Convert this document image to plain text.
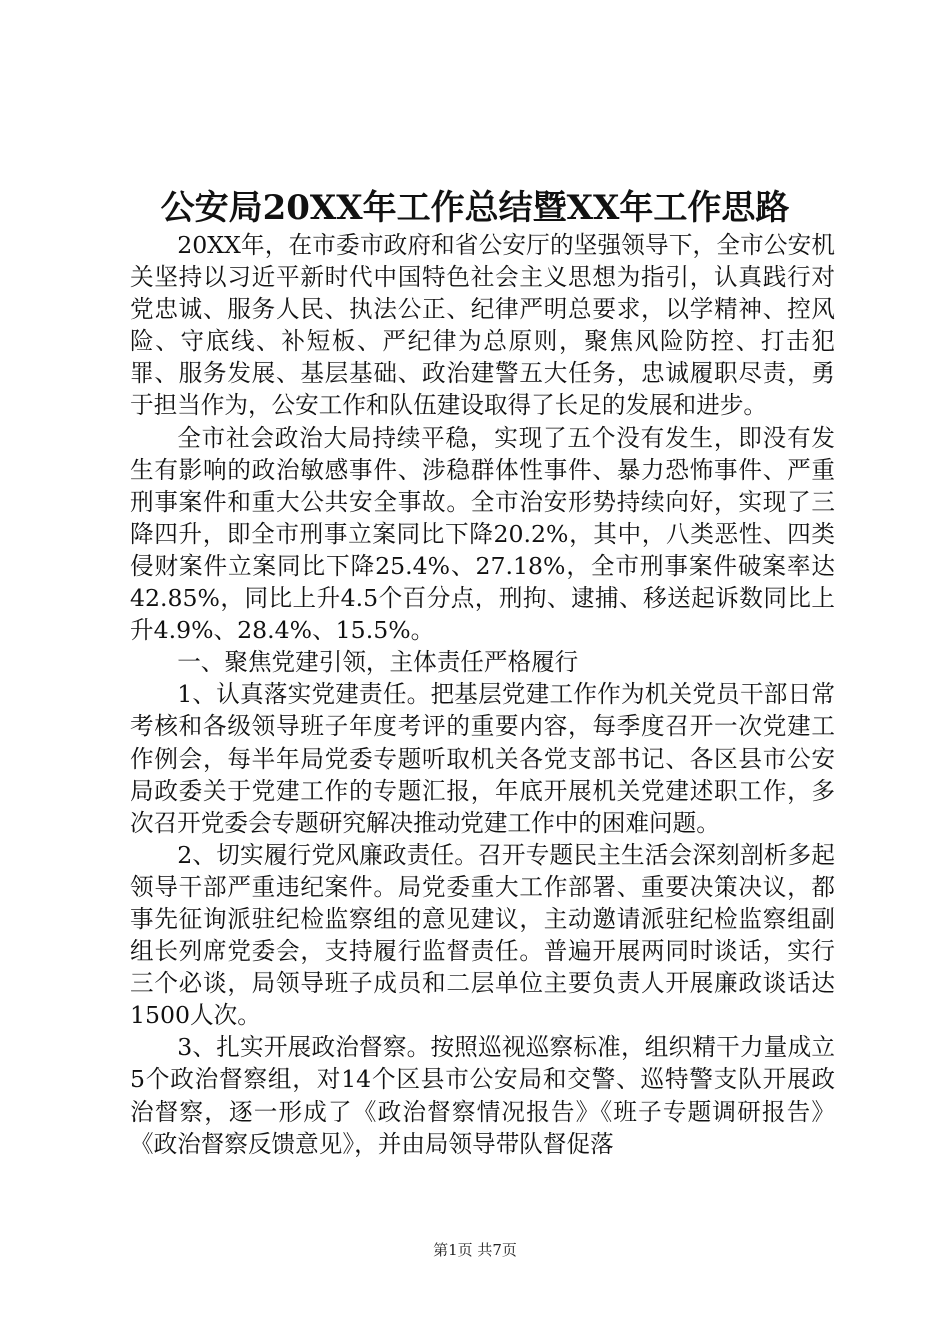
公安局20XX年工作总结暨XX年工作思路

20XX年，在市委市政府和省公安厅的坚强领导下，全市公安机关坚持以习近平新时代中国特色社会主义思想为指引，认真践行对党忠诚、服务人民、执法公正、纪律严明总要求，以学精神、控风险、守底线、补短板、严纪律为总原则，聚焦风险防控、打击犯罪、服务发展、基层基础、政治建警五大任务，忠诚履职尽责，勇于担当作为，公安工作和队伍建设取得了长足的发展和进步。

全市社会政治大局持续平稳，实现了五个没有发生，即没有发生有影响的政治敏感事件、涉稳群体性事件、暴力恐怖事件、严重刑事案件和重大公共安全事故。全市治安形势持续向好，实现了三降四升，即全市刑事立案同比下降20.2%，其中，八类恶性、四类侵财案件立案同比下降25.4%、27.18%，全市刑事案件破案率达42.85%，同比上升4.5个百分点，刑拘、逮捕、移送起诉数同比上升4.9%、28.4%、15.5%。

一、聚焦党建引领，主体责任严格履行

1、认真落实党建责任。把基层党建工作作为机关党员干部日常考核和各级领导班子年度考评的重要内容，每季度召开一次党建工作例会，每半年局党委专题听取机关各党支部书记、各区县市公安局政委关于党建工作的专题汇报，年底开展机关党建述职工作，多次召开党委会专题研究解决推动党建工作中的困难问题。

2、切实履行党风廉政责任。召开专题民主生活会深刻剖析多起领导干部严重违纪案件。局党委重大工作部署、重要决策决议，都事先征询派驻纪检监察组的意见建议，主动邀请派驻纪检监察组副组长列席党委会，支持履行监督责任。普遍开展两同时谈话，实行三个必谈，局领导班子成员和二层单位主要负责人开展廉政谈话达1500人次。

3、扎实开展政治督察。按照巡视巡察标准，组织精干力量成立5个政治督察组，对14个区县市公安局和交警、巡特警支队开展政治督察，逐一形成了《政治督察情况报告》《班子专题调研报告》《政治督察反馈意见》，并由局领导带队督促落

第1页 共7页
